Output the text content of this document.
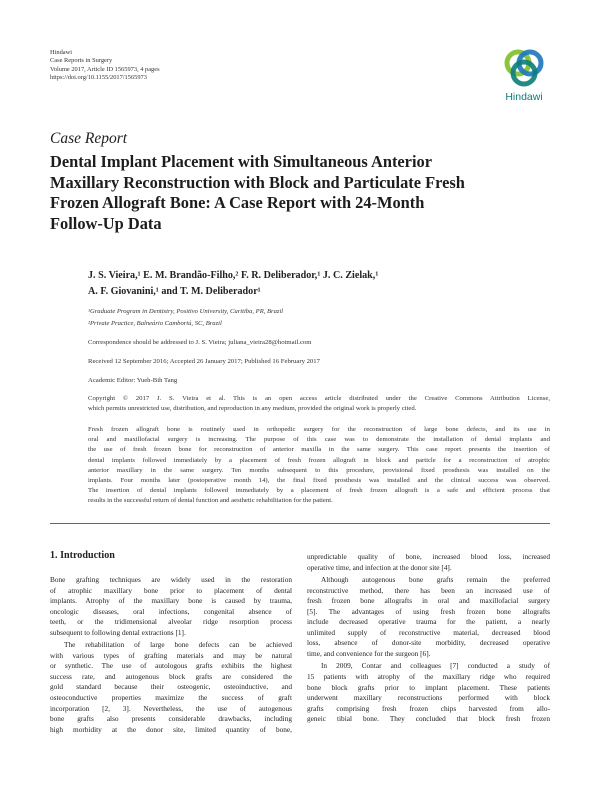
Hindawi
Case Reports in Surgery
Volume 2017, Article ID 1565973, 4 pages
https://doi.org/10.1155/2017/1565973
Hindawi
Case Report
Dental Implant Placement with Simultaneous Anterior
Maxillary Reconstruction with Block and Particulate Fresh
Frozen Allograft Bone: A Case Report with 24-Month
Follow-Up Data
J. S. Vieira,¹ E. M. Brandão-Filho,² F. R. Deliberador,¹ J. C. Zielak,¹
A. F. Giovanini,¹ and T. M. Deliberador¹
¹Graduate Program in Dentistry, Positivo University, Curitiba, PR, Brazil
²Private Practice, Balneário Camboriú, SC, Brazil
Correspondence should be addressed to J. S. Vieira; juliana_vieira28@hotmail.com
Received 12 September 2016; Accepted 26 January 2017; Published 16 February 2017
Academic Editor: Yueh-Bih Tang
Copyright © 2017 J. S. Vieira et al. This is an open access article distributed under the Creative Commons Attribution License,
which permits unrestricted use, distribution, and reproduction in any medium, provided the original work is properly cited.
Fresh frozen allograft bone is routinely used in orthopedic surgery for the reconstruction of large bone defects, and its use in
oral and maxillofacial surgery is increasing. The purpose of this case was to demonstrate the installation of dental implants and
the use of fresh frozen bone for reconstruction of anterior maxilla in the same surgery. This case report presents the insertion of
dental implants followed immediately by a placement of fresh frozen allograft in block and particle for a reconstruction of atrophic
anterior maxillary in the same surgery. Ten months subsequent to this procedure, provisional fixed prosthesis was installed on the
implants. Four months later (postoperative month 14), the final fixed prosthesis was installed and the clinical success was observed.
The insertion of dental implants followed immediately by a placement of fresh frozen allograft is a safe and efficient process that
results in the successful return of dental function and aesthetic rehabilitation for the patient.
1. Introduction

Bone grafting techniques are widely used in the restoration
of atrophic maxillary bone prior to placement of dental
implants. Atrophy of the maxillary bone is caused by trauma,
oncologic diseases, oral infections, congenital absence of
teeth, or the tridimensional alveolar ridge resorption process
subsequent to following dental extractions [1].

The rehabilitation of large bone defects can be achieved
with various types of grafting materials and may be natural
or synthetic. The use of autologous grafts exhibits the highest
success rate, and autogenous block grafts are considered the
gold standard because their osteogenic, osteoinductive, and
osteoconductive properties maximize the success of graft
incorporation [2, 3]. Nevertheless, the use of autogenous
bone grafts also presents considerable drawbacks, including
high morbidity at the donor site, limited quantity of bone,

unpredictable quality of bone, increased blood loss, increased
operative time, and infection at the donor site [4].

Although autogenous bone grafts remain the preferred
reconstructive method, there has been an increased use of
fresh frozen bone allografts in oral and maxillofacial surgery
[5]. The advantages of using fresh frozen bone allografts
include decreased operative trauma for the patient, a nearly
unlimited supply of reconstructive material, decreased blood
loss, absence of donor-site morbidity, decreased operative
time, and convenience for the surgeon [6].

In 2009, Contar and colleagues [7] conducted a study of
15 patients with atrophy of the maxillary ridge who required
bone block grafts prior to implant placement. These patients
underwent maxillary reconstructions performed with block
grafts comprising fresh frozen chips harvested from allo-
geneic tibial bone. They concluded that block fresh frozen
